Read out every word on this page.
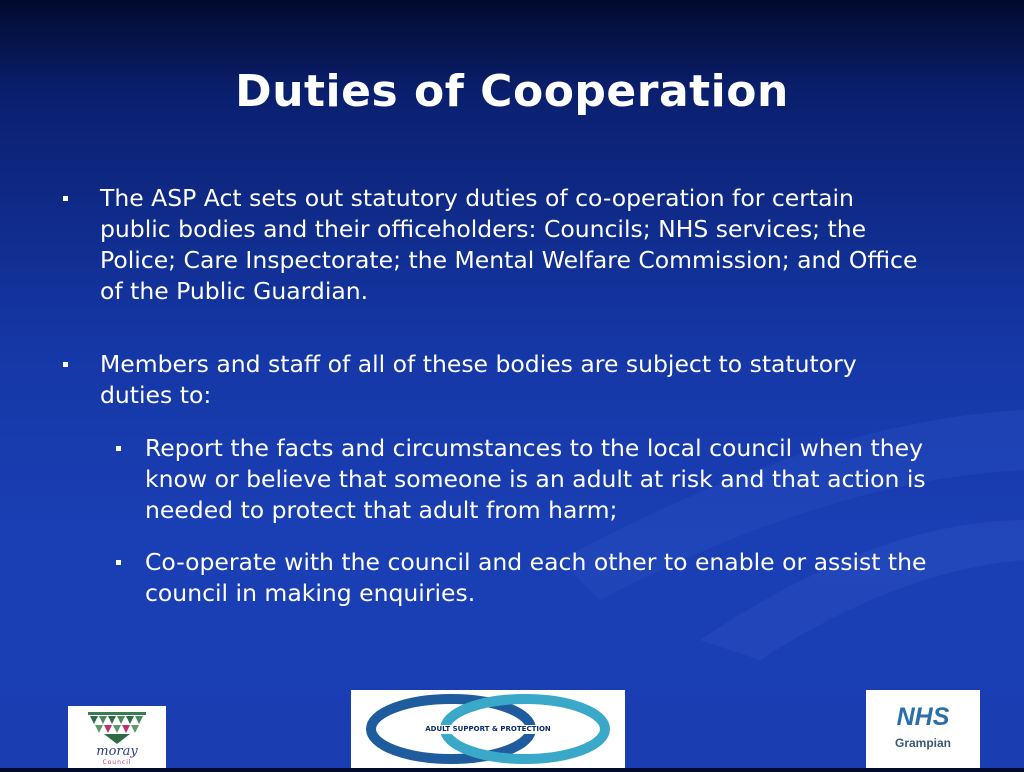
Duties of Cooperation
The ASP Act sets out statutory duties of co-operation for certain public bodies and their officeholders: Councils; NHS services; the Police; Care Inspectorate; the Mental Welfare Commission; and Office of the Public Guardian.
Members and staff of all of these bodies are subject to statutory duties to:
Report the facts and circumstances to the local council when they know or believe that someone is an adult at risk and that action is needed to protect that adult from harm;
Co-operate with the council and each other to enable or assist the council in making enquiries.
moray
Council
ADULT SUPPORT & PROTECTION	NHS
Grampian
